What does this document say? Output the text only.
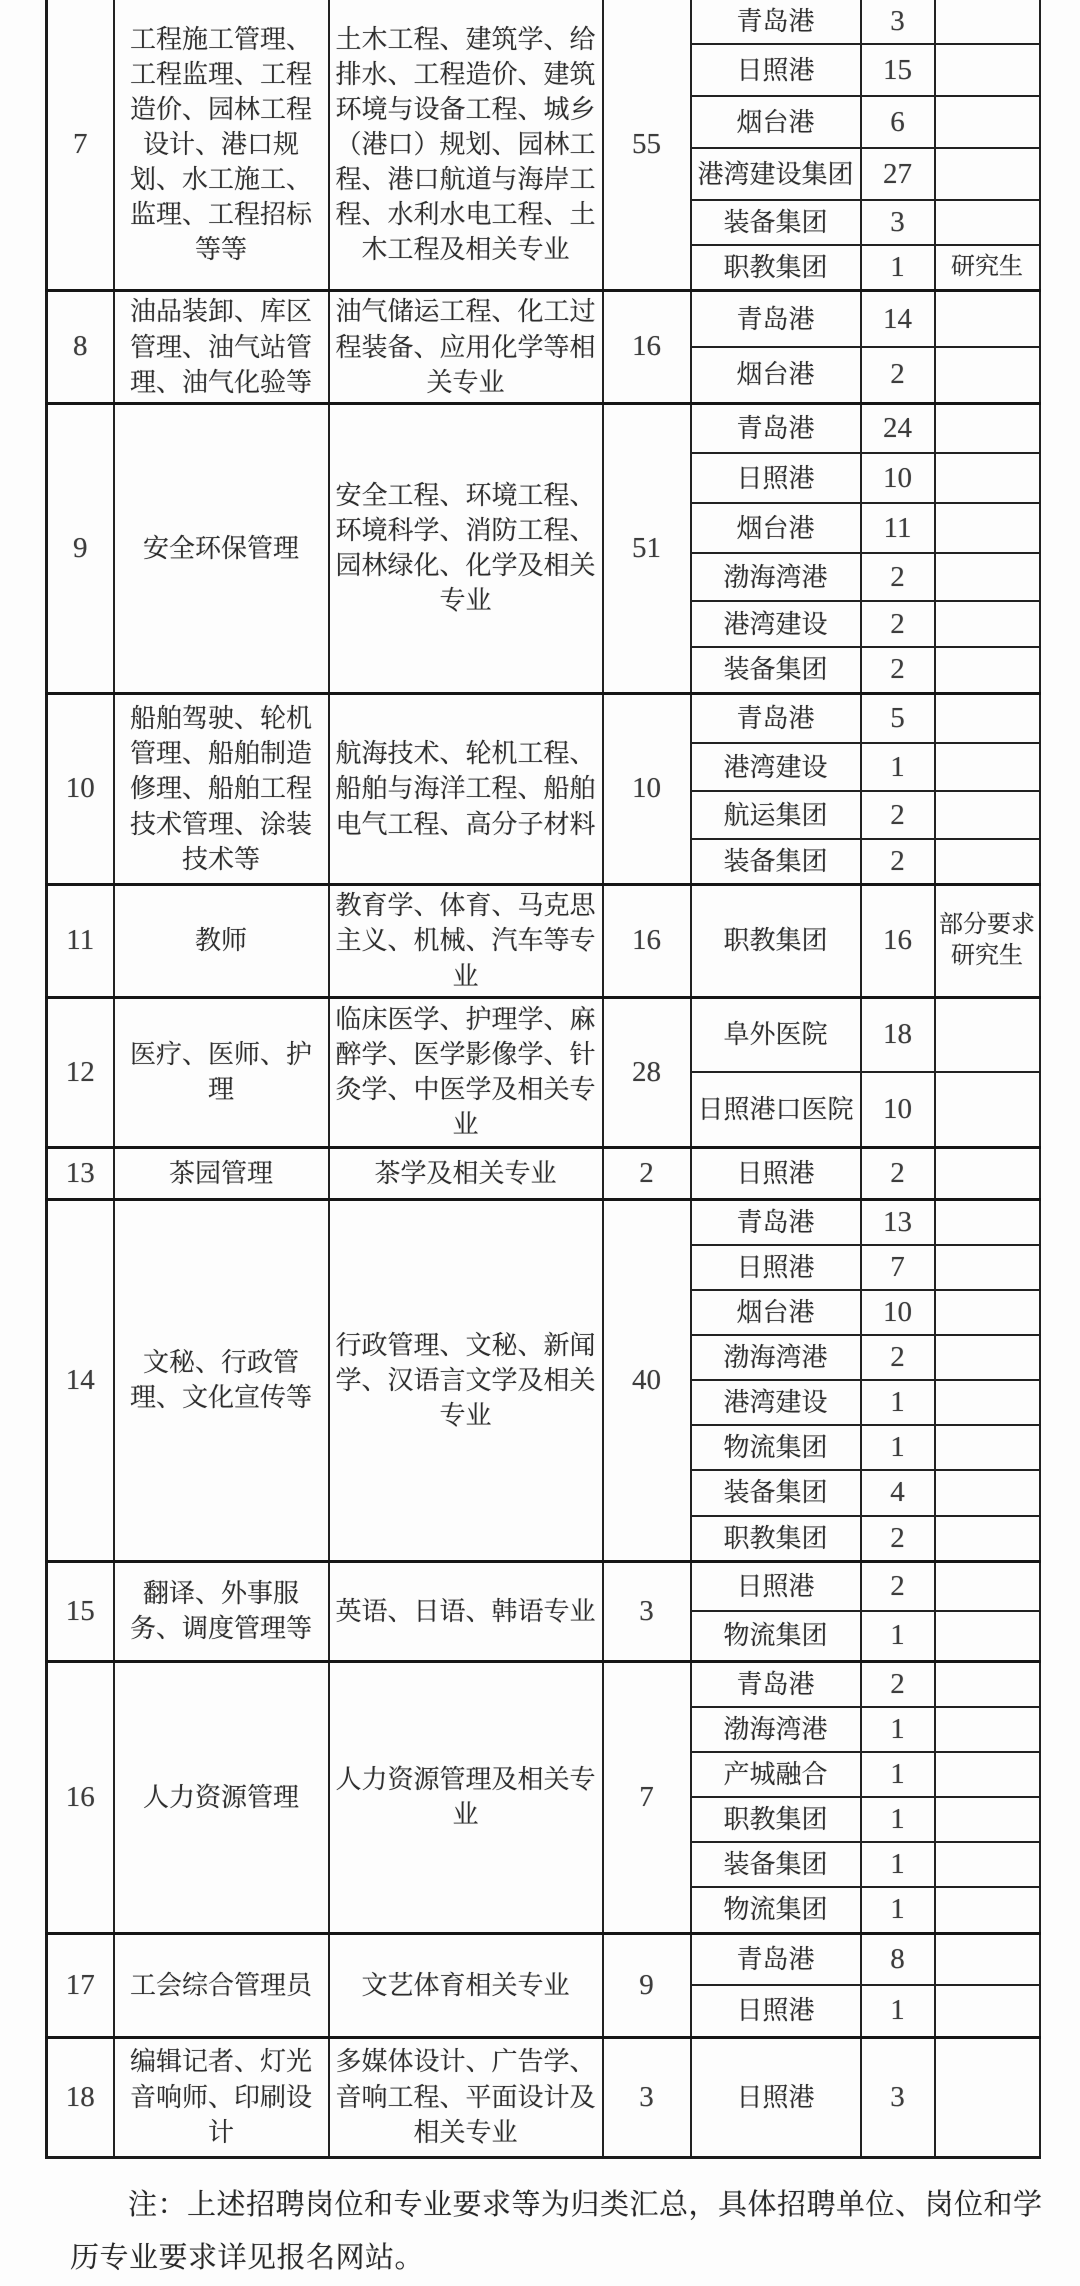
7	工程施工管理、工程监理、工程造价、园林工程设计、港口规划、水工施工、监理、工程招标等等	土木工程、建筑学、给排水、工程造价、建筑环境与设备工程、城乡（港口）规划、园林工程、港口航道与海岸工程、水利水电工程、土木工程及相关专业	55	青岛港	3	
				日照港	15	
				烟台港	6	
				港湾建设集团	27	
				装备集团	3	
				职教集团	1	研究生
8	油品装卸、库区管理、油气站管理、油气化验等	油气储运工程、化工过程装备、应用化学等相关专业	16	青岛港	14	
				烟台港	2	
9	安全环保管理	安全工程、环境工程、环境科学、消防工程、园林绿化、化学及相关专业	51	青岛港	24	
				日照港	10	
				烟台港	11	
				渤海湾港	2	
				港湾建设	2	
				装备集团	2	
10	船舶驾驶、轮机管理、船舶制造修理、船舶工程技术管理、涂装技术等	航海技术、轮机工程、船舶与海洋工程、船舶电气工程、高分子材料	10	青岛港	5	
				港湾建设	1	
				航运集团	2	
				装备集团	2	
11	教师	教育学、体育、马克思主义、机械、汽车等专业	16	职教集团	16	部分要求研究生
12	医疗、医师、护理	临床医学、护理学、麻醉学、医学影像学、针灸学、中医学及相关专业	28	阜外医院	18	
				日照港口医院	10	
13	茶园管理	茶学及相关专业	2	日照港	2	
14	文秘、行政管理、文化宣传等	行政管理、文秘、新闻学、汉语言文学及相关专业	40	青岛港	13	
				日照港	7	
				烟台港	10	
				渤海湾港	2	
				港湾建设	1	
				物流集团	1	
				装备集团	4	
				职教集团	2	
15	翻译、外事服务、调度管理等	英语、日语、韩语专业	3	日照港	2	
				物流集团	1	
16	人力资源管理	人力资源管理及相关专业	7	青岛港	2	
				渤海湾港	1	
				产城融合	1	
				职教集团	1	
				装备集团	1	
				物流集团	1	
17	工会综合管理员	文艺体育相关专业	9	青岛港	8	
				日照港	1	
18	编辑记者、灯光音响师、印刷设计	多媒体设计、广告学、音响工程、平面设计及相关专业	3	日照港	3	

注：上述招聘岗位和专业要求等为归类汇总，具体招聘单位、岗位和学历专业要求详见报名网站。
